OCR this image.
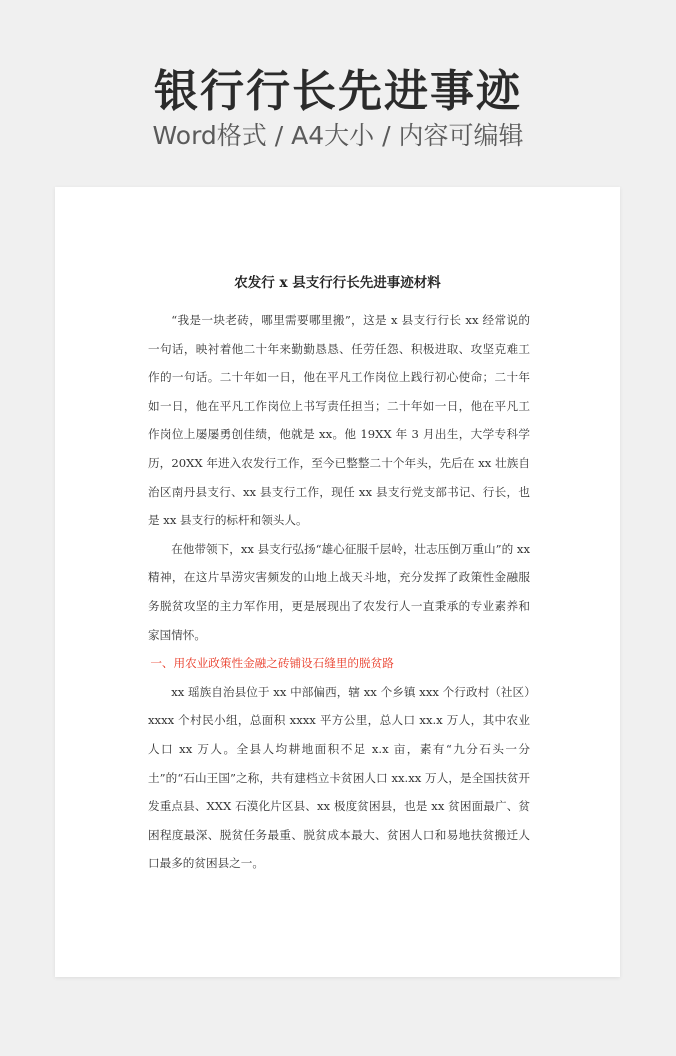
银行行长先进事迹
Word格式 / A4大小 / 内容可编辑
农发行 x 县支行行长先进事迹材料

“我是一块老砖，哪里需要哪里搬”，这是 x 县支行行长 xx 经常说的一句话，映衬着他二十年来勤勤恳恳、任劳任怨、积极进取、攻坚克难工作的一句话。二十年如一日，他在平凡工作岗位上践行初心使命；二十年如一日，他在平凡工作岗位上书写责任担当；二十年如一日，他在平凡工作岗位上屡屡勇创佳绩，他就是 xx。他 19XX 年 3 月出生，大学专科学历，20XX 年进入农发行工作，至今已整整二十个年头，先后在 xx 壮族自治区南丹县支行、xx 县支行工作，现任 xx 县支行党支部书记、行长，也是 xx 县支行的标杆和领头人。

在他带领下，xx 县支行弘扬“雄心征服千层岭，壮志压倒万重山”的 xx 精神，在这片旱涝灾害频发的山地上战天斗地，充分发挥了政策性金融服务脱贫攻坚的主力军作用，更是展现出了农发行人一直秉承的专业素养和家国情怀。

一、用农业政策性金融之砖铺设石缝里的脱贫路

xx 瑶族自治县位于 xx 中部偏西，辖 xx 个乡镇 xxx 个行政村（社区）xxxx 个村民小组，总面积 xxxx 平方公里，总人口 xx.x 万人，其中农业人口 xx 万人。全县人均耕地面积不足 x.x 亩，素有“九分石头一分土”的“石山王国”之称，共有建档立卡贫困人口 xx.xx 万人，是全国扶贫开发重点县、XXX 石漠化片区县、xx 极度贫困县，也是 xx 贫困面最广、贫困程度最深、脱贫任务最重、脱贫成本最大、贫困人口和易地扶贫搬迁人口最多的贫困县之一。
